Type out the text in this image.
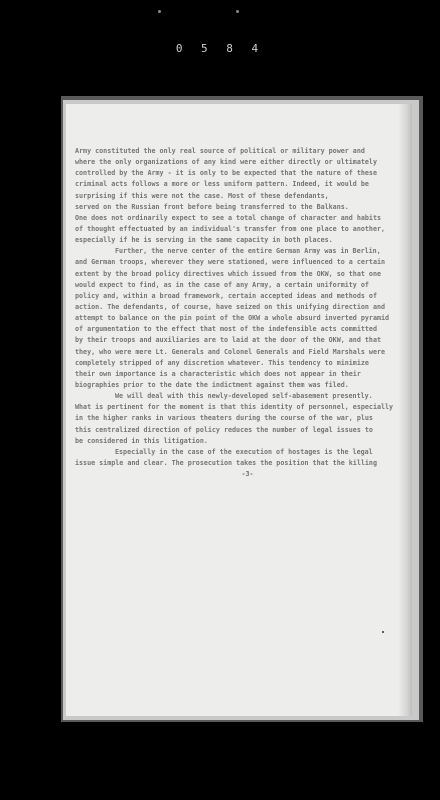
0 5 8 4
Army constituted the only real source of political or military power and
where the only organizations of any kind were either directly or ultimately
controlled by the Army - it is only to be expected that the nature of these
criminal acts follows a more or less uniform pattern. Indeed, it would be
surprising if this were not the case. Most of these defendants,
served on the Russian front before being transferred to the Balkans.
One does not ordinarily expect to see a total change of character and habits
of thought effectuated by an individual's transfer from one place to another,
especially if he is serving in the same capacity in both places.
Further, the nerve center of the entire German Army was in Berlin,
and German troops, wherever they were stationed, were influenced to a certain
extent by the broad policy directives which issued from the OKW, so that one
would expect to find, as in the case of any Army, a certain uniformity of
policy and, within a broad framework, certain accepted ideas and methods of
action. The defendants, of course, have seized on this unifying direction and
attempt to balance on the pin point of the OKW a whole absurd inverted pyramid
of argumentation to the effect that most of the indefensible acts committed
by their troops and auxiliaries are to laid at the door of the OKW, and that
they, who were mere Lt. Generals and Colonel Generals and Field Marshals were
completely stripped of any discretion whatever. This tendency to minimize
their own importance is a characteristic which does not appear in their
biographies prior to the date the indictment against them was filed.
We will deal with this newly-developed self-abasement presently.
What is pertinent for the moment is that this identity of personnel, especially
in the higher ranks in various theaters during the course of the war, plus
this centralized direction of policy reduces the number of legal issues to
be considered in this litigation.
Especially in the case of the execution of hostages is the legal
issue simple and clear. The prosecution takes the position that the killing
-3-
